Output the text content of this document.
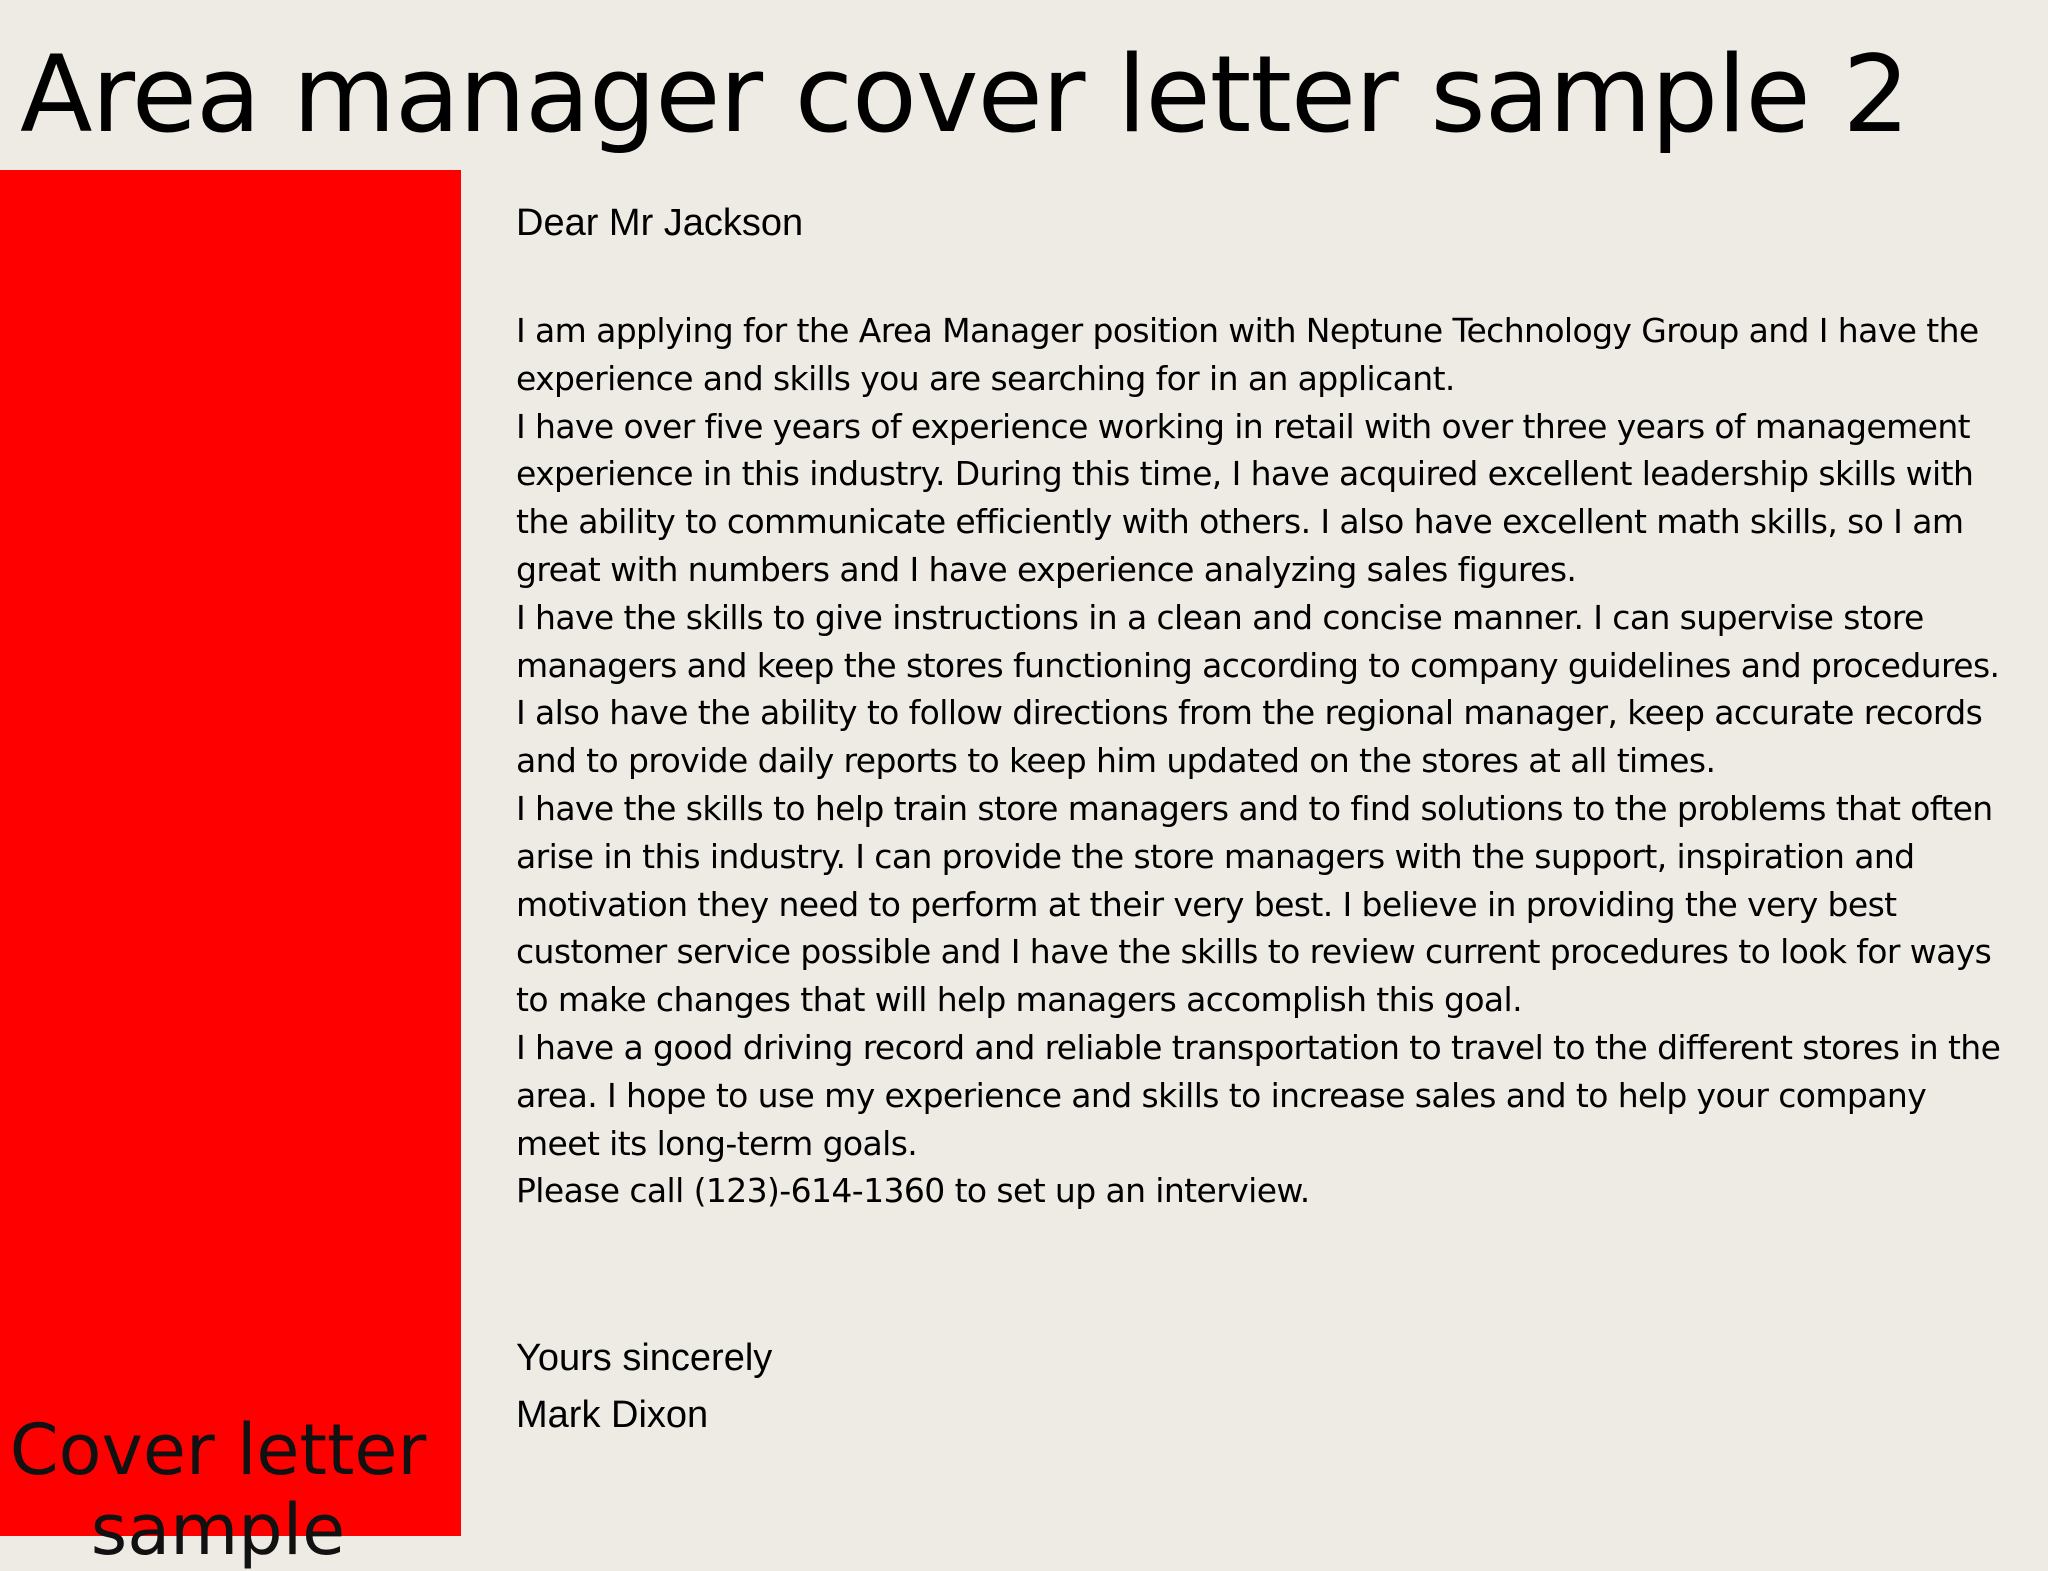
Area manager cover letter sample 2
Cover letter sample
Dear Mr Jackson

I am applying for the Area Manager position with Neptune Technology Group and I have the experience and skills you are searching for in an applicant.

I have over five years of experience working in retail with over three years of management experience in this industry. During this time, I have acquired excellent leadership skills with the ability to communicate efficiently with others. I also have excellent math skills, so I am great with numbers and I have experience analyzing sales figures.

I have the skills to give instructions in a clean and concise manner. I can supervise store managers and keep the stores functioning according to company guidelines and procedures. I also have the ability to follow directions from the regional manager, keep accurate records and to provide daily reports to keep him updated on the stores at all times.

I have the skills to help train store managers and to find solutions to the problems that often arise in this industry. I can provide the store managers with the support, inspiration and motivation they need to perform at their very best. I believe in providing the very best customer service possible and I have the skills to review current procedures to look for ways to make changes that will help managers accomplish this goal.

I have a good driving record and reliable transportation to travel to the different stores in the area. I hope to use my experience and skills to increase sales and to help your company meet its long-term goals.

Please call (123)-614-1360 to set up an interview.

Yours sincerely
Mark Dixon
